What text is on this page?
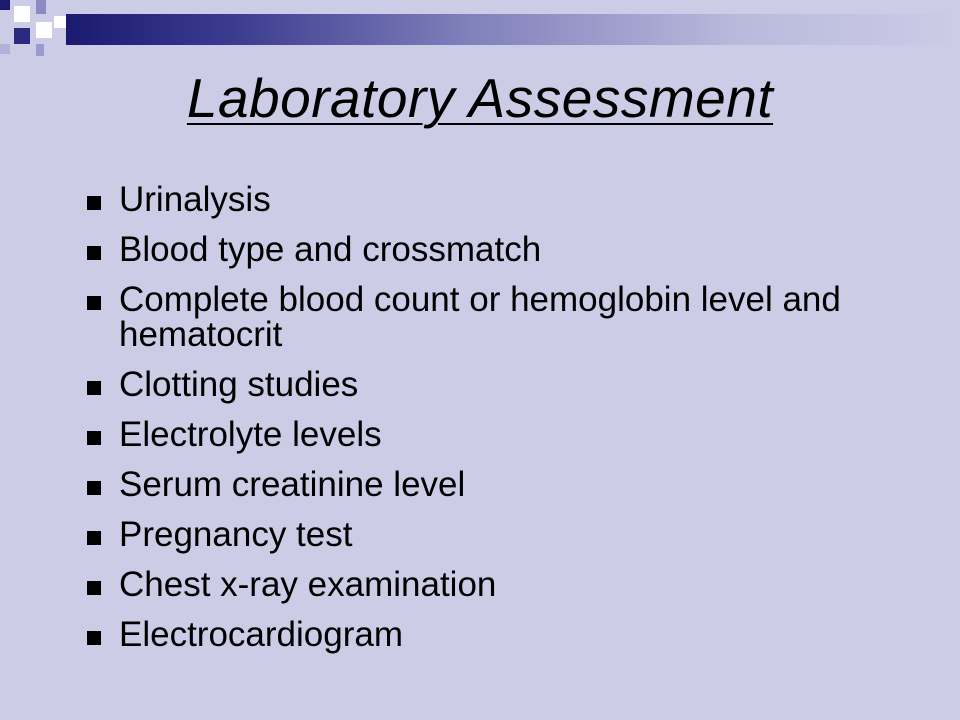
Laboratory Assessment
Urinalysis
Blood type and crossmatch
Complete blood count or hemoglobin level and hematocrit
Clotting studies
Electrolyte levels
Serum creatinine level
Pregnancy test
Chest x-ray examination
Electrocardiogram
